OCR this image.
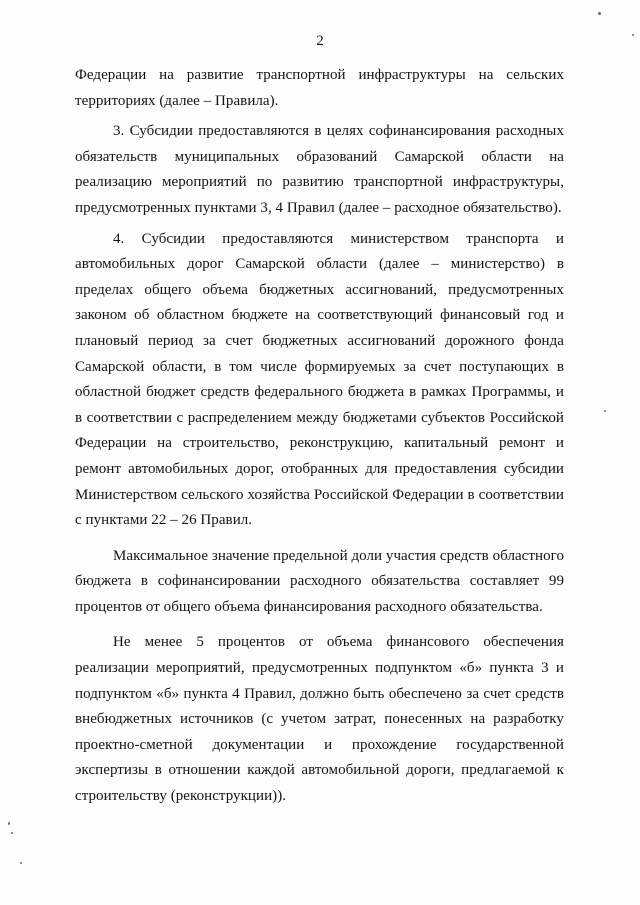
2

Федерации на развитие транспортной инфраструктуры на сельских территориях (далее – Правила).

3. Субсидии предоставляются в целях софинансирования расходных обязательств муниципальных образований Самарской области на реализацию мероприятий по развитию транспортной инфраструктуры, предусмотренных пунктами 3, 4 Правил (далее – расходное обязательство).

4. Субсидии предоставляются министерством транспорта и автомобильных дорог Самарской области (далее – министерство) в пределах общего объема бюджетных ассигнований, предусмотренных законом об областном бюджете на соответствующий финансовый год и плановый период за счет бюджетных ассигнований дорожного фонда Самарской области, в том числе формируемых за счет поступающих в областной бюджет средств федерального бюджета в рамках Программы, и в соответствии с распределением между бюджетами субъектов Российской Федерации на строительство, реконструкцию, капитальный ремонт и ремонт автомобильных дорог, отобранных для предоставления субсидии Министерством сельского хозяйства Российской Федерации в соответствии с пунктами 22 – 26 Правил.

Максимальное значение предельной доли участия средств областного бюджета в софинансировании расходного обязательства составляет 99 процентов от общего объема финансирования расходного обязательства.

Не менее 5 процентов от объема финансового обеспечения реализации мероприятий, предусмотренных подпунктом «б» пункта 3 и подпунктом «б» пункта 4 Правил, должно быть обеспечено за счет средств внебюджетных источников (с учетом затрат, понесенных на разработку проектно-сметной документации и прохождение государственной экспертизы в отношении каждой автомобильной дороги, предлагаемой к строительству (реконструкции)).
